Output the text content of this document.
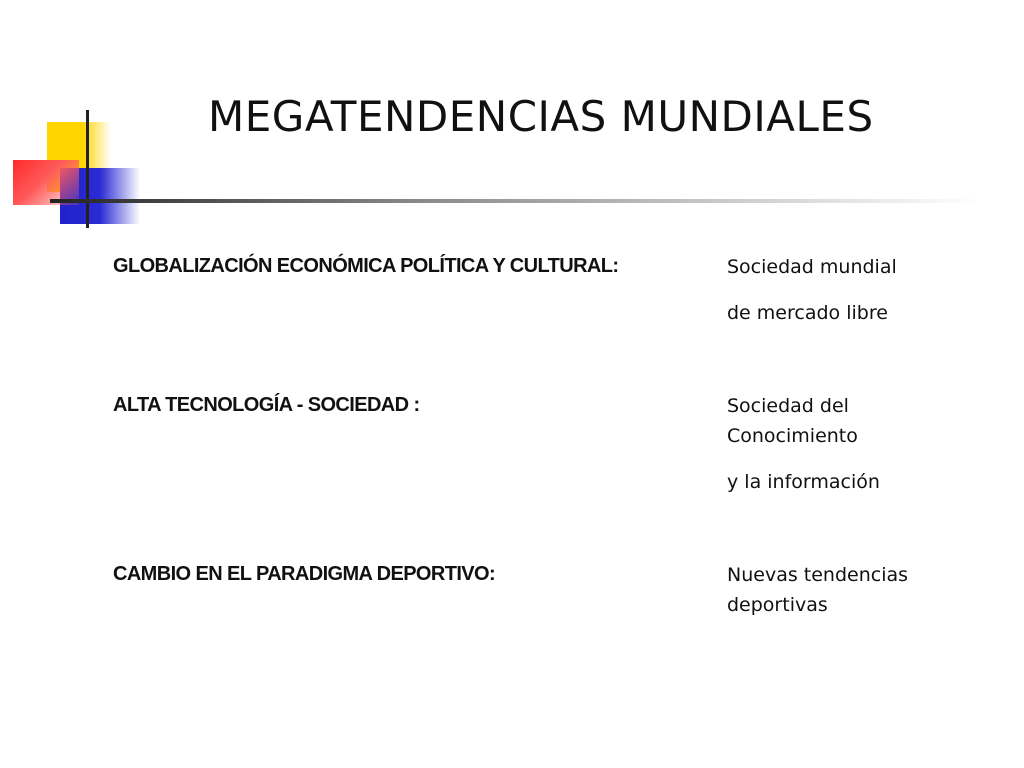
MEGATENDENCIAS MUNDIALES
GLOBALIZACIÓN ECONÓMICA POLÍTICA Y CULTURAL:	Sociedad mundial
de mercado libre
ALTA TECNOLOGÍA - SOCIEDAD :	Sociedad del
Conocimiento
y la información
CAMBIO EN EL PARADIGMA DEPORTIVO:	Nuevas tendencias
deportivas
